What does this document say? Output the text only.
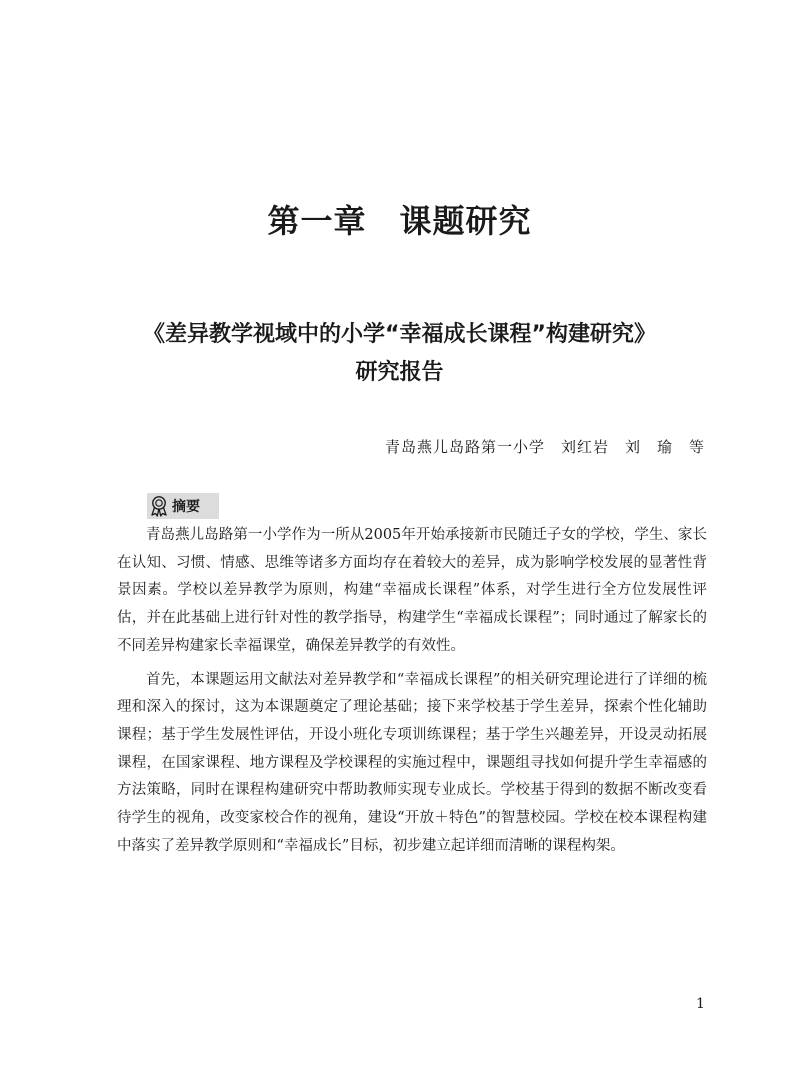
第一章　课题研究
《差异教学视域中的小学“幸福成长课程”构建研究》
研究报告
青岛燕儿岛路第一小学　刘红岩　刘　瑜　等
摘要

青岛燕儿岛路第一小学作为一所从2005年开始承接新市民随迁子女的学校，学生、家长在认知、习惯、情感、思维等诸多方面均存在着较大的差异，成为影响学校发展的显著性背景因素。学校以差异教学为原则，构建“幸福成长课程”体系，对学生进行全方位发展性评估，并在此基础上进行针对性的教学指导，构建学生“幸福成长课程”；同时通过了解家长的不同差异构建家长幸福课堂，确保差异教学的有效性。

首先，本课题运用文献法对差异教学和“幸福成长课程”的相关研究理论进行了详细的梳理和深入的探讨，这为本课题奠定了理论基础；接下来学校基于学生差异，探索个性化辅助课程；基于学生发展性评估，开设小班化专项训练课程；基于学生兴趣差异，开设灵动拓展课程，在国家课程、地方课程及学校课程的实施过程中，课题组寻找如何提升学生幸福感的方法策略，同时在课程构建研究中帮助教师实现专业成长。学校基于得到的数据不断改变看待学生的视角，改变家校合作的视角，建设“开放＋特色”的智慧校园。学校在校本课程构建中落实了差异教学原则和“幸福成长”目标，初步建立起详细而清晰的课程构架。

1
